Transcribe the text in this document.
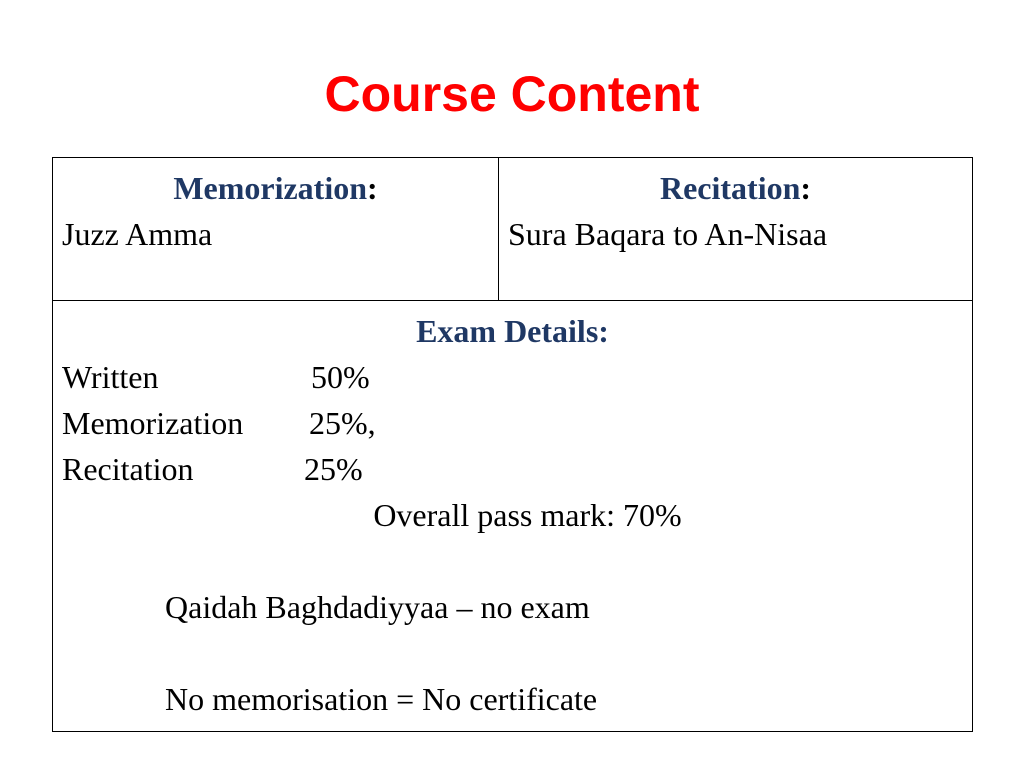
Course Content
Memorization:
Juzz Amma

Recitation:
Sura Baqara to An-Nisaa

Exam Details:
Written	50%
Memorization	25%,
Recitation	25%
Overall pass mark: 70%
Qaidah Baghdadiyyaa – no exam
No memorisation = No certificate
